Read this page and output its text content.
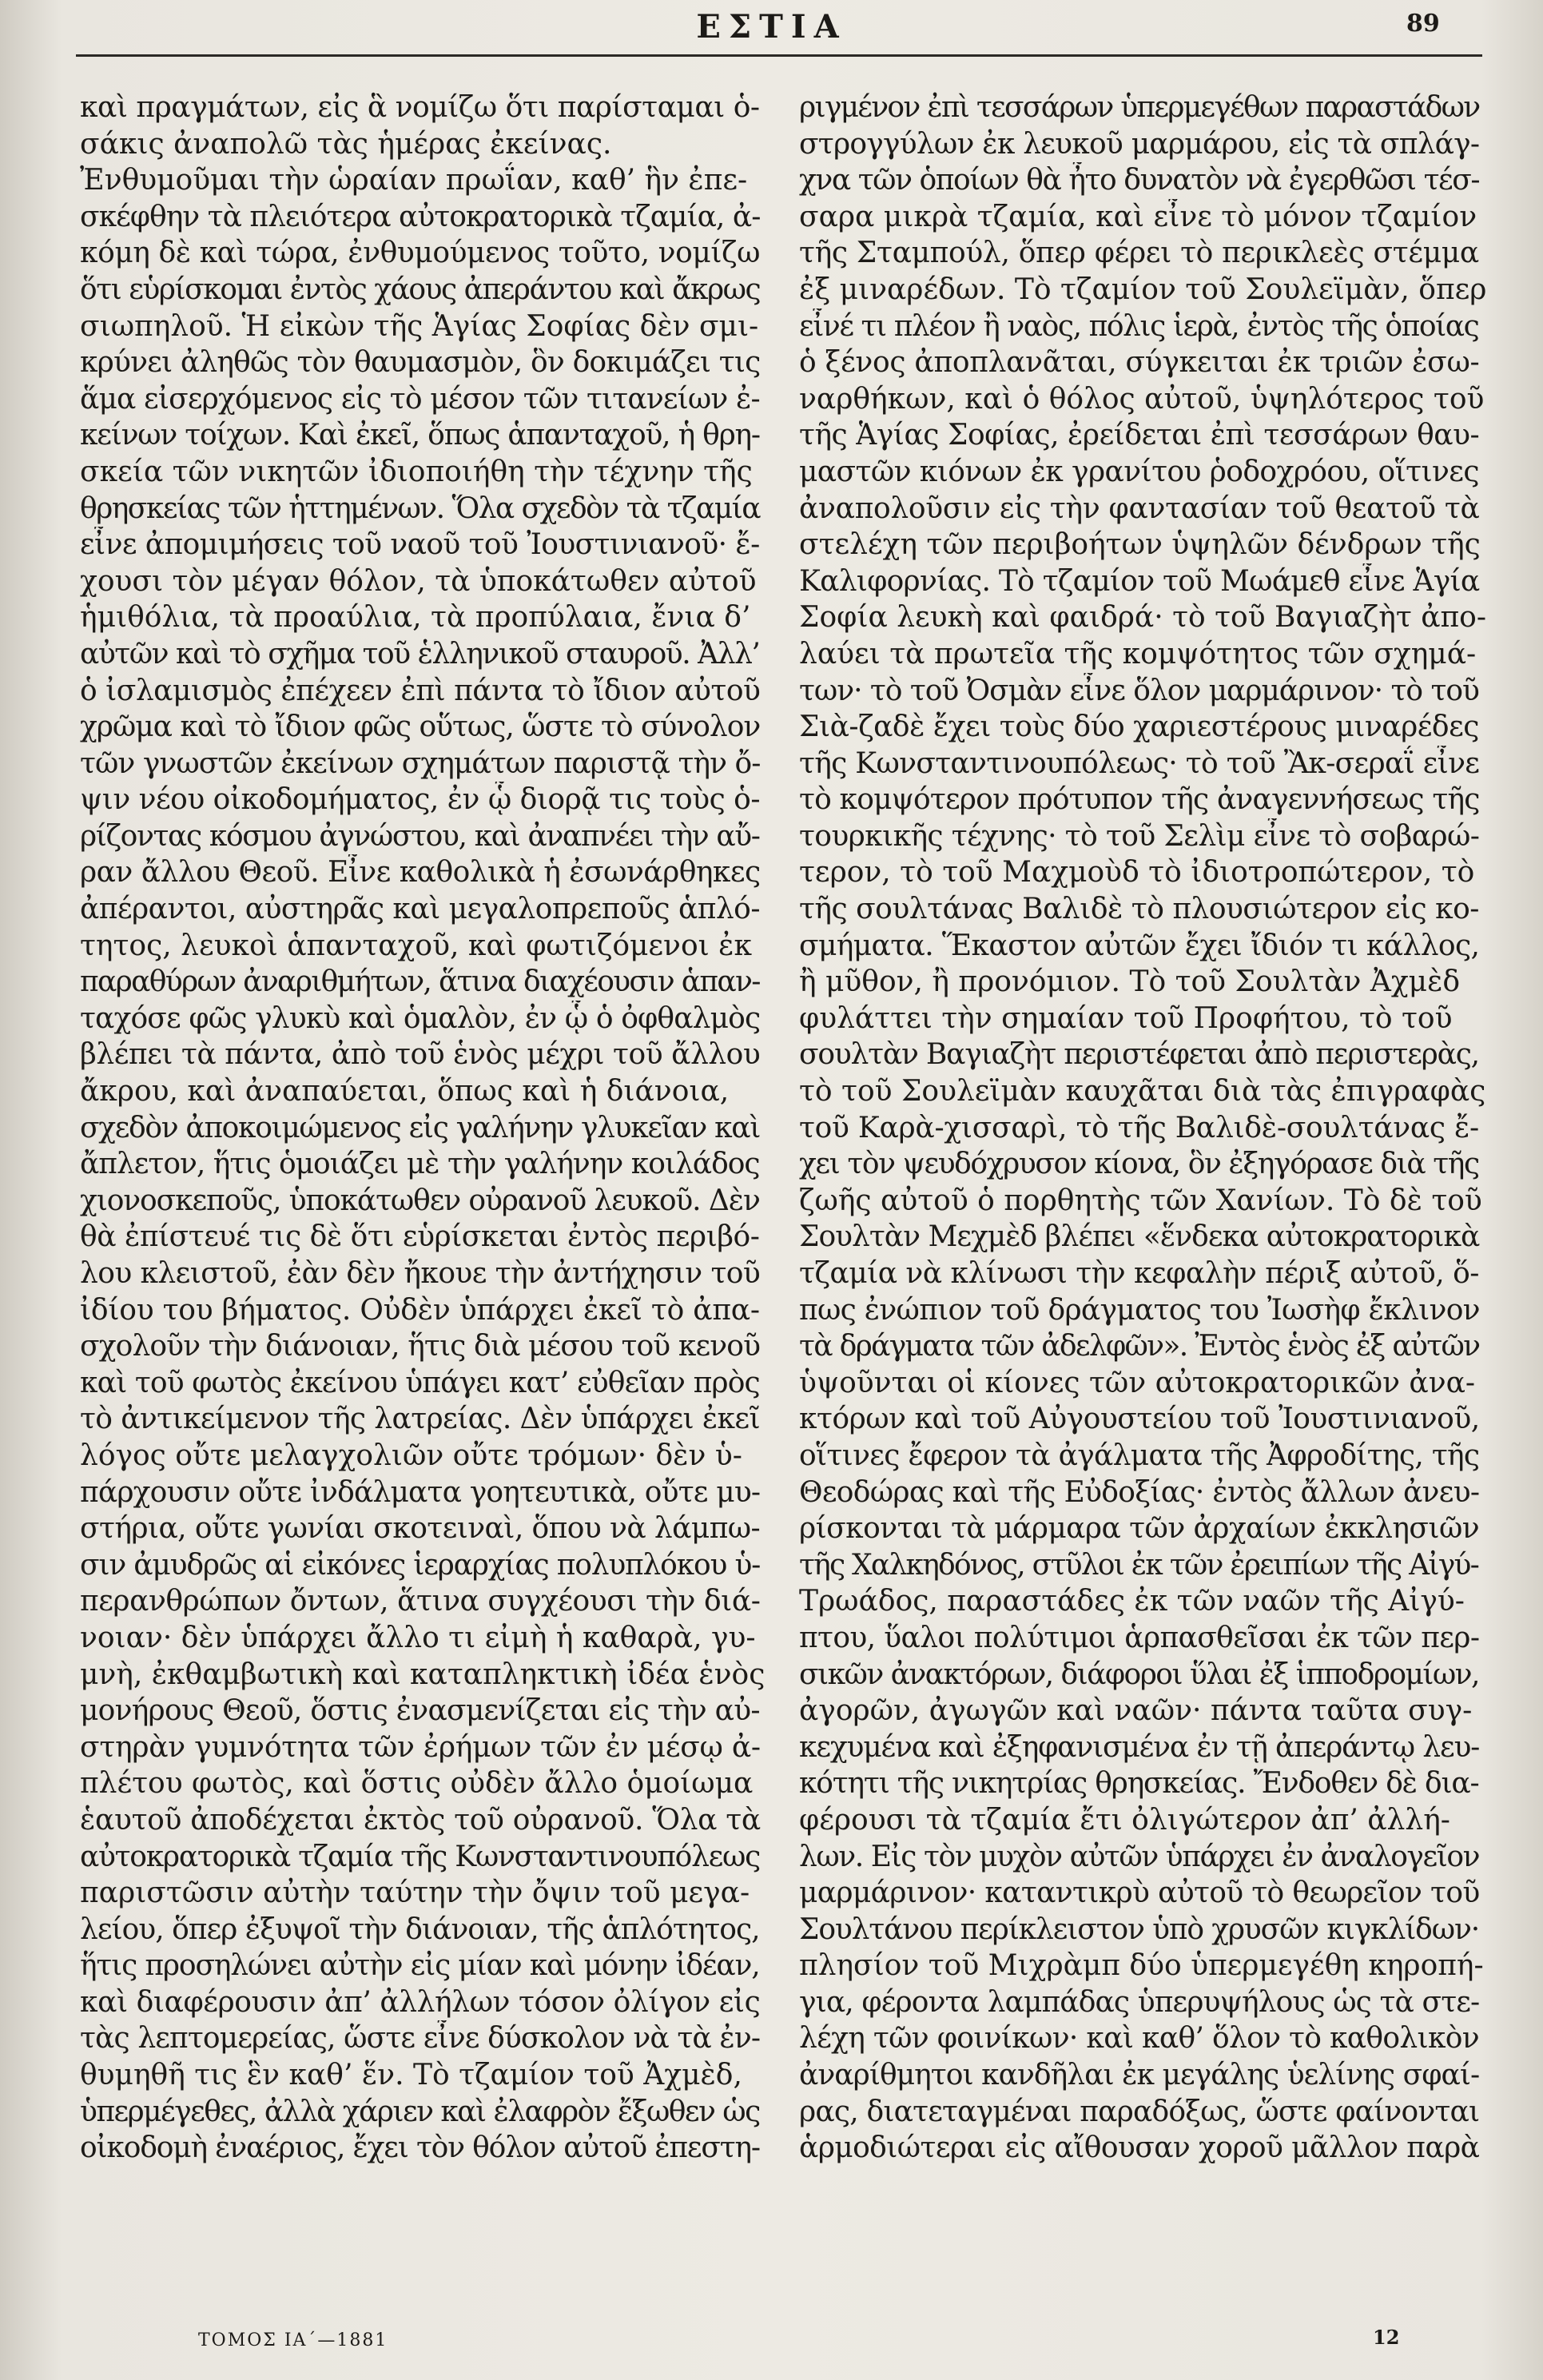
ΕΣΤΙΑ	89
καὶ πραγμάτων, εἰς ἃ νομίζω ὅτι παρίσταμαι ὁ-
σάκις ἀναπολῶ τὰς ἡμέρας ἐκείνας.
Ἐνθυμοῦμαι τὴν ὡραίαν πρωΐαν, καθ’ ἣν ἐπε-
σκέφθην τὰ πλειότερα αὐτοκρατορικὰ τζαμία, ἀ-
κόμη δὲ καὶ τώρα, ἐνθυμούμενος τοῦτο, νομίζω
ὅτι εὑρίσκομαι ἐντὸς χάους ἀπεράντου καὶ ἄκρως
σιωπηλοῦ. Ἡ εἰκὼν τῆς Ἁγίας Σοφίας δὲν σμι-
κρύνει ἀληθῶς τὸν θαυμασμὸν, ὃν δοκιμάζει τις
ἅμα εἰσερχόμενος εἰς τὸ μέσον τῶν τιτανείων ἐ-
κείνων τοίχων. Καὶ ἐκεῖ, ὅπως ἁπανταχοῦ, ἡ θρη-
σκεία τῶν νικητῶν ἰδιοποιήθη τὴν τέχνην τῆς
θρησκείας τῶν ἡττημένων. Ὅλα σχεδὸν τὰ τζαμία
εἶνε ἀπομιμήσεις τοῦ ναοῦ τοῦ Ἰουστινιανοῦ· ἔ-
χουσι τὸν μέγαν θόλον, τὰ ὑποκάτωθεν αὐτοῦ
ἡμιθόλια, τὰ προαύλια, τὰ προπύλαια, ἔνια δ’
αὐτῶν καὶ τὸ σχῆμα τοῦ ἑλληνικοῦ σταυροῦ. Ἀλλ’
ὁ ἰσλαμισμὸς ἐπέχεεν ἐπὶ πάντα τὸ ἴδιον αὐτοῦ
χρῶμα καὶ τὸ ἴδιον φῶς οὕτως, ὥστε τὸ σύνολον
τῶν γνωστῶν ἐκείνων σχημάτων παριστᾷ τὴν ὄ-
ψιν νέου οἰκοδομήματος, ἐν ᾧ διορᾷ τις τοὺς ὁ-
ρίζοντας κόσμου ἀγνώστου, καὶ ἀναπνέει τὴν αὔ-
ραν ἄλλου Θεοῦ. Εἶνε καθολικὰ ἡ ἐσωνάρθηκες
ἀπέραντοι, αὐστηρᾶς καὶ μεγαλοπρεποῦς ἁπλό-
τητος, λευκοὶ ἁπανταχοῦ, καὶ φωτιζόμενοι ἐκ
παραθύρων ἀναριθμήτων, ἅτινα διαχέουσιν ἁπαν-
ταχόσε φῶς γλυκὺ καὶ ὁμαλὸν, ἐν ᾧ ὁ ὀφθαλμὸς
βλέπει τὰ πάντα, ἀπὸ τοῦ ἑνὸς μέχρι τοῦ ἄλλου
ἄκρου, καὶ ἀναπαύεται, ὅπως καὶ ἡ διάνοια,
σχεδὸν ἀποκοιμώμενος εἰς γαλήνην γλυκεῖαν καὶ
ἄπλετον, ἥτις ὁμοιάζει μὲ τὴν γαλήνην κοιλάδος
χιονοσκεποῦς, ὑποκάτωθεν οὐρανοῦ λευκοῦ. Δὲν
θὰ ἐπίστευέ τις δὲ ὅτι εὑρίσκεται ἐντὸς περιβό-
λου κλειστοῦ, ἐὰν δὲν ἤκουε τὴν ἀντήχησιν τοῦ
ἰδίου του βήματος. Οὐδὲν ὑπάρχει ἐκεῖ τὸ ἀπα-
σχολοῦν τὴν διάνοιαν, ἥτις διὰ μέσου τοῦ κενοῦ
καὶ τοῦ φωτὸς ἐκείνου ὑπάγει κατ’ εὐθεῖαν πρὸς
τὸ ἀντικείμενον τῆς λατρείας. Δὲν ὑπάρχει ἐκεῖ
λόγος οὔτε μελαγχολιῶν οὔτε τρόμων· δὲν ὑ-
πάρχουσιν οὔτε ἰνδάλματα γοητευτικὰ, οὔτε μυ-
στήρια, οὔτε γωνίαι σκοτειναὶ, ὅπου νὰ λάμπω-
σιν ἀμυδρῶς αἱ εἰκόνες ἱεραρχίας πολυπλόκου ὑ-
περανθρώπων ὄντων, ἅτινα συγχέουσι τὴν διά-
νοιαν· δὲν ὑπάρχει ἄλλο τι εἰμὴ ἡ καθαρὰ, γυ-
μνὴ, ἐκθαμβωτικὴ καὶ καταπληκτικὴ ἰδέα ἑνὸς
μονήρους Θεοῦ, ὅστις ἐνασμενίζεται εἰς τὴν αὐ-
στηρὰν γυμνότητα τῶν ἐρήμων τῶν ἐν μέσῳ ἀ-
πλέτου φωτὸς, καὶ ὅστις οὐδὲν ἄλλο ὁμοίωμα
ἑαυτοῦ ἀποδέχεται ἐκτὸς τοῦ οὐρανοῦ. Ὅλα τὰ
αὐτοκρατορικὰ τζαμία τῆς Κωνσταντινουπόλεως
παριστῶσιν αὐτὴν ταύτην τὴν ὄψιν τοῦ μεγα-
λείου, ὅπερ ἐξυψοῖ τὴν διάνοιαν, τῆς ἁπλότητος,
ἥτις προσηλώνει αὐτὴν εἰς μίαν καὶ μόνην ἰδέαν,
καὶ διαφέρουσιν ἀπ’ ἀλλήλων τόσον ὀλίγον εἰς
τὰς λεπτομερείας, ὥστε εἶνε δύσκολον νὰ τὰ ἐν-
θυμηθῆ τις ἓν καθ’ ἕν. Τὸ τζαμίον τοῦ Ἀχμὲδ,
ὑπερμέγεθες, ἀλλὰ χάριεν καὶ ἐλαφρὸν ἔξωθεν ὡς
οἰκοδομὴ ἐναέριος, ἔχει τὸν θόλον αὐτοῦ ἐπεστη-
ριγμένον ἐπὶ τεσσάρων ὑπερμεγέθων παραστάδων
στρογγύλων ἐκ λευκοῦ μαρμάρου, εἰς τὰ σπλάγ-
χνα τῶν ὁποίων θὰ ἦτο δυνατὸν νὰ ἐγερθῶσι τέσ-
σαρα μικρὰ τζαμία, καὶ εἶνε τὸ μόνον τζαμίον
τῆς Σταμπούλ, ὅπερ φέρει τὸ περικλεὲς στέμμα
ἐξ μιναρέδων. Τὸ τζαμίον τοῦ Σουλεϊμὰν, ὅπερ
εἶνέ τι πλέον ἢ ναὸς, πόλις ἱερὰ, ἐντὸς τῆς ὁποίας
ὁ ξένος ἀποπλανᾶται, σύγκειται ἐκ τριῶν ἐσω-
ναρθήκων, καὶ ὁ θόλος αὐτοῦ, ὑψηλότερος τοῦ
τῆς Ἁγίας Σοφίας, ἐρείδεται ἐπὶ τεσσάρων θαυ-
μαστῶν κιόνων ἐκ γρανίτου ῥοδοχρόου, οἵτινες
ἀναπολοῦσιν εἰς τὴν φαντασίαν τοῦ θεατοῦ τὰ
στελέχη τῶν περιβοήτων ὑψηλῶν δένδρων τῆς
Καλιφορνίας. Τὸ τζαμίον τοῦ Μωάμεθ εἶνε Ἁγία
Σοφία λευκὴ καὶ φαιδρά· τὸ τοῦ Βαγιαζὴτ ἀπο-
λαύει τὰ πρωτεῖα τῆς κομψότητος τῶν σχημά-
των· τὸ τοῦ Ὀσμὰν εἶνε ὅλον μαρμάρινον· τὸ τοῦ
Σιὰ-ζαδὲ ἔχει τοὺς δύο χαριεστέρους μιναρέδες
τῆς Κωνσταντινουπόλεως· τὸ τοῦ Ἂκ-σεραΐ εἶνε
τὸ κομψότερον πρότυπον τῆς ἀναγεννήσεως τῆς
τουρκικῆς τέχνης· τὸ τοῦ Σελὶμ εἶνε τὸ σοβαρώ-
τερον, τὸ τοῦ Μαχμοὺδ τὸ ἰδιοτροπώτερον, τὸ
τῆς σουλτάνας Βαλιδὲ τὸ πλουσιώτερον εἰς κο-
σμήματα. Ἕκαστον αὐτῶν ἔχει ἴδιόν τι κάλλος,
ἢ μῦθον, ἢ προνόμιον. Τὸ τοῦ Σουλτὰν Ἀχμὲδ
φυλάττει τὴν σημαίαν τοῦ Προφήτου, τὸ τοῦ
σουλτὰν Βαγιαζὴτ περιστέφεται ἀπὸ περιστερὰς,
τὸ τοῦ Σουλεϊμὰν καυχᾶται διὰ τὰς ἐπιγραφὰς
τοῦ Καρὰ-χισσαρὶ, τὸ τῆς Βαλιδὲ-σουλτάνας ἔ-
χει τὸν ψευδόχρυσον κίονα, ὃν ἐξηγόρασε διὰ τῆς
ζωῆς αὐτοῦ ὁ πορθητὴς τῶν Χανίων. Τὸ δὲ τοῦ
Σουλτὰν Μεχμὲδ βλέπει «ἕνδεκα αὐτοκρατορικὰ
τζαμία νὰ κλίνωσι τὴν κεφαλὴν πέριξ αὐτοῦ, ὅ-
πως ἐνώπιον τοῦ δράγματος του Ἰωσὴφ ἔκλινον
τὰ δράγματα τῶν ἀδελφῶν». Ἐντὸς ἑνὸς ἐξ αὐτῶν
ὑψοῦνται οἱ κίονες τῶν αὐτοκρατορικῶν ἀνα-
κτόρων καὶ τοῦ Αὐγουστείου τοῦ Ἰουστινιανοῦ,
οἵτινες ἔφερον τὰ ἀγάλματα τῆς Ἀφροδίτης, τῆς
Θεοδώρας καὶ τῆς Εὐδοξίας· ἐντὸς ἄλλων ἀνευ-
ρίσκονται τὰ μάρμαρα τῶν ἀρχαίων ἐκκλησιῶν
τῆς Χαλκηδόνος, στῦλοι ἐκ τῶν ἐρειπίων τῆς Αἰγύ-
Τρωάδος, παραστάδες ἐκ τῶν ναῶν τῆς Αἰγύ-
πτου, ὕαλοι πολύτιμοι ἁρπασθεῖσαι ἐκ τῶν περ-
σικῶν ἀνακτόρων, διάφοροι ὕλαι ἐξ ἱπποδρομίων,
ἀγορῶν, ἀγωγῶν καὶ ναῶν· πάντα ταῦτα συγ-
κεχυμένα καὶ ἐξηφανισμένα ἐν τῇ ἀπεράντῳ λευ-
κότητι τῆς νικητρίας θρησκείας. Ἔνδοθεν δὲ δια-
φέρουσι τὰ τζαμία ἔτι ὀλιγώτερον ἀπ’ ἀλλή-
λων. Εἰς τὸν μυχὸν αὐτῶν ὑπάρχει ἐν ἀναλογεῖον
μαρμάρινον· καταντικρὺ αὐτοῦ τὸ θεωρεῖον τοῦ
Σουλτάνου περίκλειστον ὑπὸ χρυσῶν κιγκλίδων·
πλησίον τοῦ Μιχρὰμπ δύο ὑπερμεγέθη κηροπή-
για, φέροντα λαμπάδας ὑπερυψήλους ὡς τὰ στε-
λέχη τῶν φοινίκων· καὶ καθ’ ὅλον τὸ καθολικὸν
ἀναρίθμητοι κανδῆλαι ἐκ μεγάλης ὑελίνης σφαί-
ρας, διατεταγμέναι παραδόξως, ὥστε φαίνονται
ἁρμοδιώτεραι εἰς αἴθουσαν χοροῦ μᾶλλον παρὰ
ΤΟΜΟΣ ΙΑ΄—1881	12
